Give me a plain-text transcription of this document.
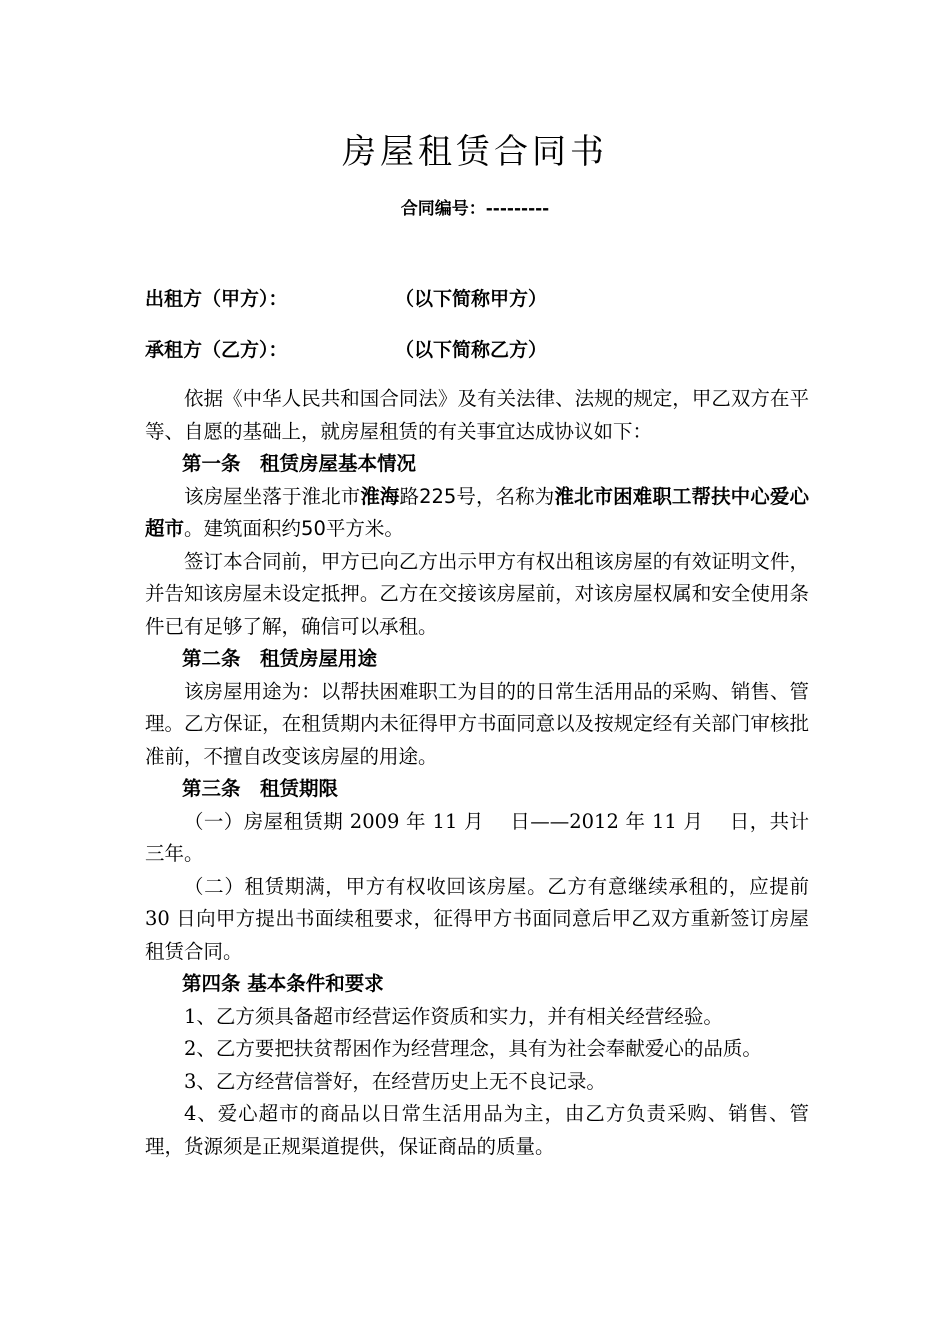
房屋租赁合同书
合同编号：---------
出租方（甲方）：	（以下简称甲方）
承租方（乙方）：	（以下简称乙方）

依据《中华人民共和国合同法》及有关法律、法规的规定，甲乙双方在平等、自愿的基础上，就房屋租赁的有关事宜达成协议如下：

第一条　租赁房屋基本情况

该房屋坐落于淮北市淮海路225号，名称为淮北市困难职工帮扶中心爱心超市。建筑面积约50平方米。

签订本合同前，甲方已向乙方出示甲方有权出租该房屋的有效证明文件，并告知该房屋未设定抵押。乙方在交接该房屋前，对该房屋权属和安全使用条件已有足够了解，确信可以承租。

第二条　租赁房屋用途

该房屋用途为：以帮扶困难职工为目的的日常生活用品的采购、销售、管理。乙方保证，在租赁期内未征得甲方书面同意以及按规定经有关部门审核批准前，不擅自改变该房屋的用途。

第三条　租赁期限

（一）房屋租赁期 2009 年 11 月　 日——2012 年 11 月　 日，共计三年。

（二）租赁期满，甲方有权收回该房屋。乙方有意继续承租的，应提前 30 日向甲方提出书面续租要求，征得甲方书面同意后甲乙双方重新签订房屋租赁合同。

第四条 基本条件和要求

1、乙方须具备超市经营运作资质和实力，并有相关经营经验。

2、乙方要把扶贫帮困作为经营理念，具有为社会奉献爱心的品质。

3、乙方经营信誉好，在经营历史上无不良记录。

4、爱心超市的商品以日常生活用品为主，由乙方负责采购、销售、管理，货源须是正规渠道提供，保证商品的质量。
